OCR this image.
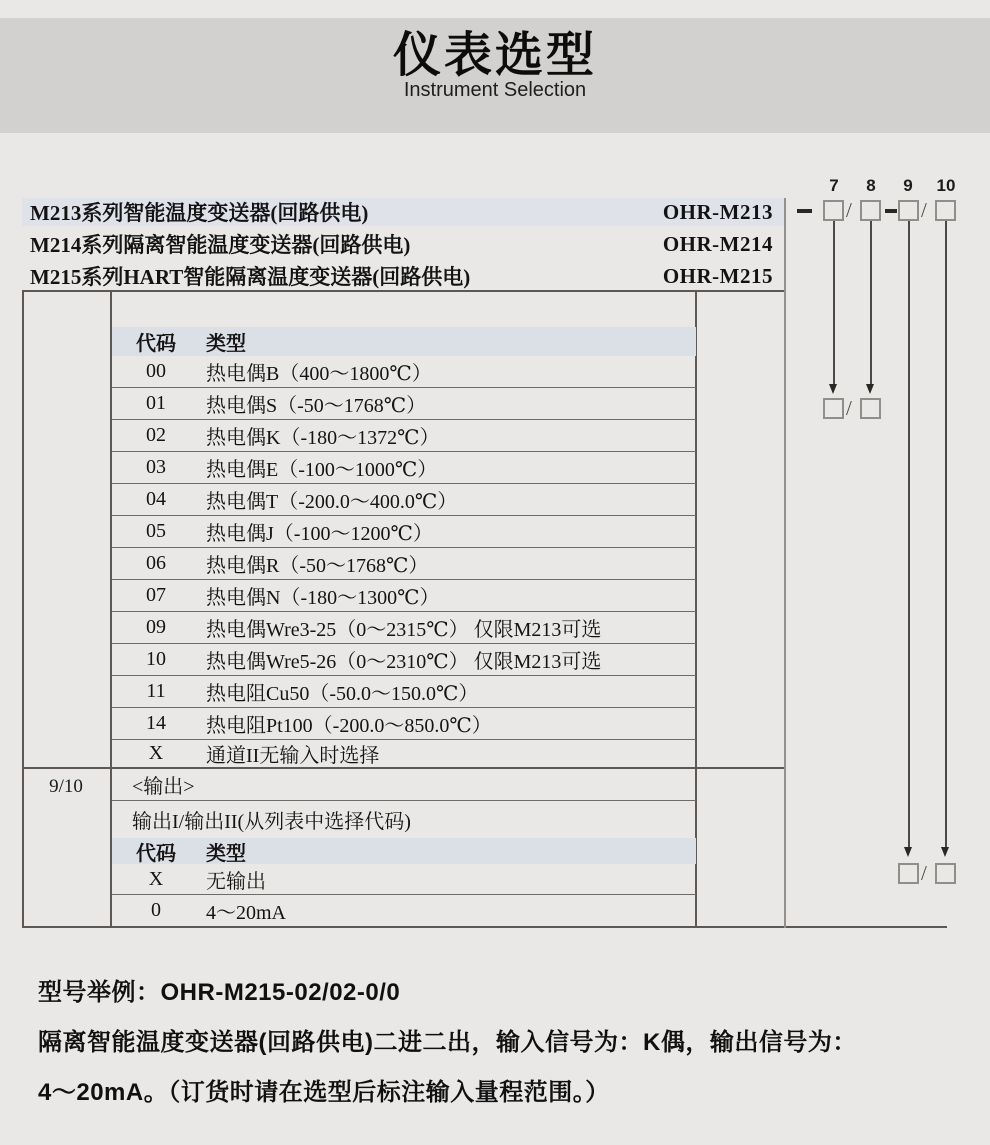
仪表选型
Instrument Selection
M213系列智能温度变送器(回路供电)	OHR-M213
M214系列隔离智能温度变送器(回路供电)	OHR-M214
M215系列HART智能隔离温度变送器(回路供电)	OHR-M215
代码	类型
00	热电偶B（400～1800℃）
01	热电偶S（-50～1768℃）
02	热电偶K（-180～1372℃）
03	热电偶E（-100～1000℃）
04	热电偶T（-200.0～400.0℃）
05	热电偶J（-100～1200℃）
06	热电偶R（-50～1768℃）
07	热电偶N（-180～1300℃）
09	热电偶Wre3-25（0～2315℃） 仅限M213可选
10	热电偶Wre5-26（0～2310℃） 仅限M213可选
11	热电阻Cu50（-50.0～150.0℃）
14	热电阻Pt100（-200.0～850.0℃）
X	通道II无输入时选择
9/10	<输出>
输出I/输出II(从列表中选择代码)
代码	类型
X	无输出
0	4～20mA
7	8	9	10
/	/
/
/
型号举例：OHR-M215-02/02-0/0
隔离智能温度变送器(回路供电)二进二出，输入信号为：K偶，输出信号为：
4～20mA。（订货时请在选型后标注输入量程范围。）
